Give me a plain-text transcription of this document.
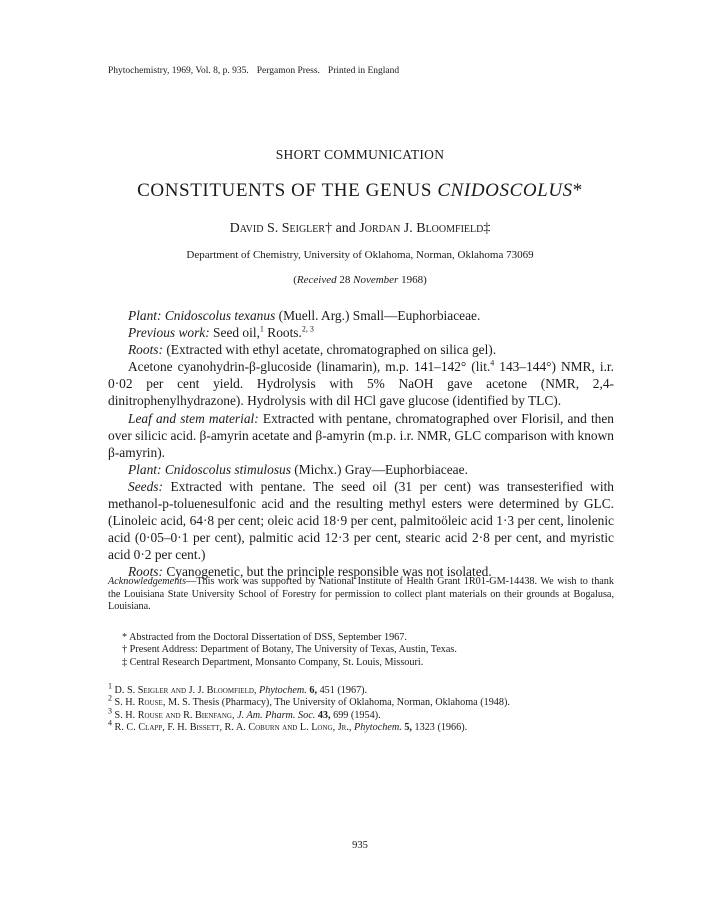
Phytochemistry, 1969, Vol. 8, p. 935. Pergamon Press. Printed in England
SHORT COMMUNICATION
CONSTITUENTS OF THE GENUS CNIDOSCOLUS*
David S. Seigler† and Jordan J. Bloomfield‡
Department of Chemistry, University of Oklahoma, Norman, Oklahoma 73069
(Received 28 November 1968)

Plant: Cnidoscolus texanus (Muell. Arg.) Small—Euphorbiaceae.

Previous work: Seed oil,$^1$ Roots.$^{2, 3}$

Roots: (Extracted with ethyl acetate, chromatographed on silica gel).

Acetone cyanohydrin-β-glucoside (linamarin), m.p. 141–142° (lit.$^4$ 143–144°) NMR, i.r. 0·02 per cent yield. Hydrolysis with 5% NaOH gave acetone (NMR, 2,4-dinitrophenylhydrazone). Hydrolysis with dil HCl gave glucose (identified by TLC).

Leaf and stem material: Extracted with pentane, chromatographed over Florisil, and then over silicic acid. β-amyrin acetate and β-amyrin (m.p. i.r. NMR, GLC comparison with known β-amyrin).

Plant: Cnidoscolus stimulosus (Michx.) Gray—Euphorbiaceae.

Seeds: Extracted with pentane. The seed oil (31 per cent) was transesterified with methanol-p-toluenesulfonic acid and the resulting methyl esters were determined by GLC. (Linoleic acid, 64·8 per cent; oleic acid 18·9 per cent, palmitoöleic acid 1·3 per cent, linolenic acid (0·05–0·1 per cent), palmitic acid 12·3 per cent, stearic acid 2·8 per cent, and myristic acid 0·2 per cent.)

Roots: Cyanogenetic, but the principle responsible was not isolated.

Acknowledgements—This work was supported by National Institute of Health Grant 1R01-GM-14438. We wish to thank the Louisiana State University School of Forestry for permission to collect plant materials on their grounds at Bogalusa, Louisiana.
* Abstracted from the Doctoral Dissertation of DSS, September 1967.
† Present Address: Department of Botany, The University of Texas, Austin, Texas.
‡ Central Research Department, Monsanto Company, St. Louis, Missouri.
$^1$ D. S. Seigler and J. J. Bloomfield, Phytochem. 6, 451 (1967).
$^2$ S. H. Rouse, M. S. Thesis (Pharmacy), The University of Oklahoma, Norman, Oklahoma (1948).
$^3$ S. H. Rouse and R. Bienfang, J. Am. Pharm. Soc. 43, 699 (1954).
$^4$ R. C. Clapp, F. H. Bissett, R. A. Coburn and L. Long, Jr., Phytochem. 5, 1323 (1966).
935
